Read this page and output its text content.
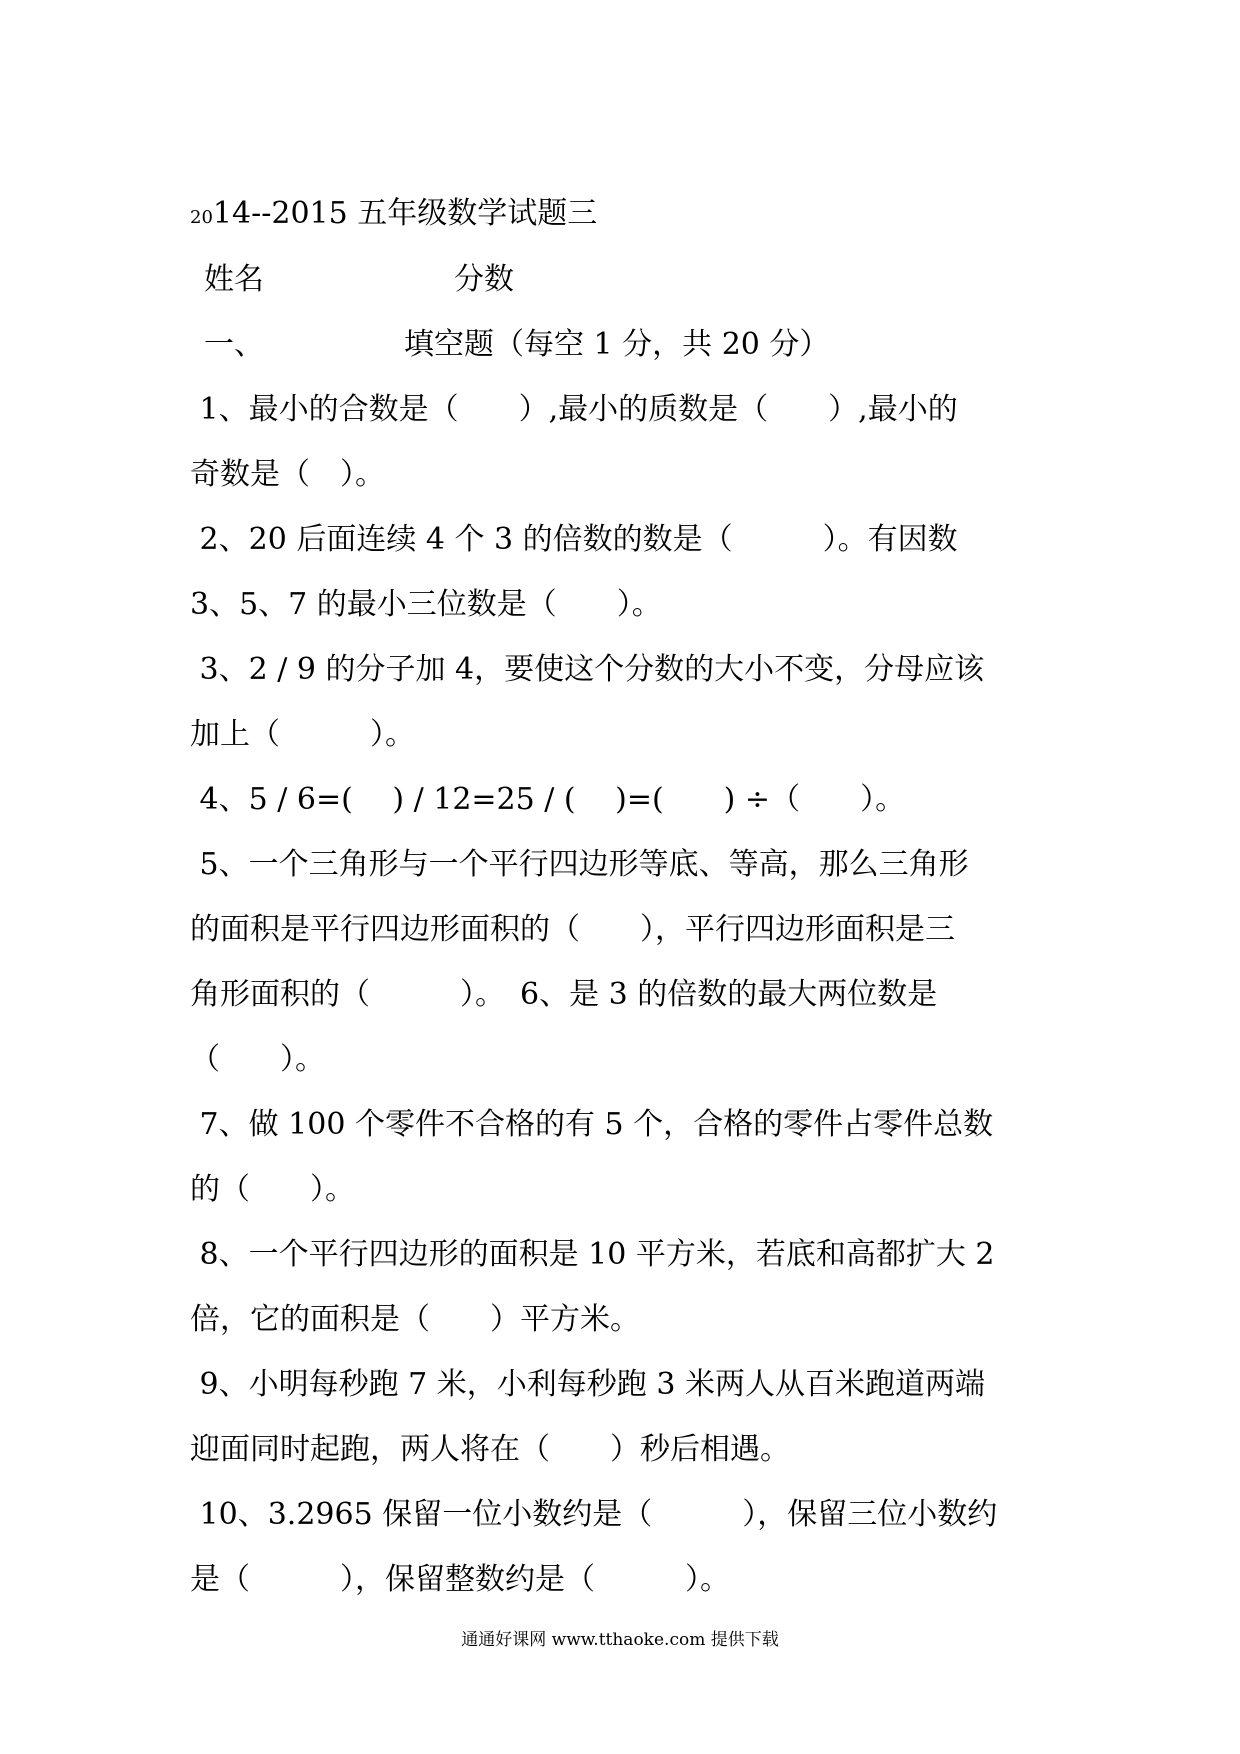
2014--2015 五年级数学试题三
姓名	分数
一、	填空题（每空 1 分，共 20 分）
1、最小的合数是（　　）,最小的质数是（　　）,最小的
奇数是（　）。
2、20 后面连续 4 个 3 的倍数的数是（　　　）。有因数
3、5、7 的最小三位数是（　　）。
3、2 / 9 的分子加 4，要使这个分数的大小不变，分母应该
加上（　　　）。
4、5 / 6=(　 ) / 12=25 / (　 )=(　　) ÷（　　）。
5、一个三角形与一个平行四边形等底、等高，那么三角形
的面积是平行四边形面积的（　　），平行四边形面积是三
角形面积的（　　　）。　6、是 3 的倍数的最大两位数是
（　　）。
7、做 100 个零件不合格的有 5 个，合格的零件占零件总数
的（　　）。
8、一个平行四边形的面积是 10 平方米，若底和高都扩大 2
倍，它的面积是（　　）平方米。
9、小明每秒跑 7 米，小利每秒跑 3 米两人从百米跑道两端
迎面同时起跑，两人将在（　　）秒后相遇。
10、3.2965 保留一位小数约是（　　　），保留三位小数约
是（　　　），保留整数约是（　　　）。
通通好课网 www.tthaoke.com 提供下载
